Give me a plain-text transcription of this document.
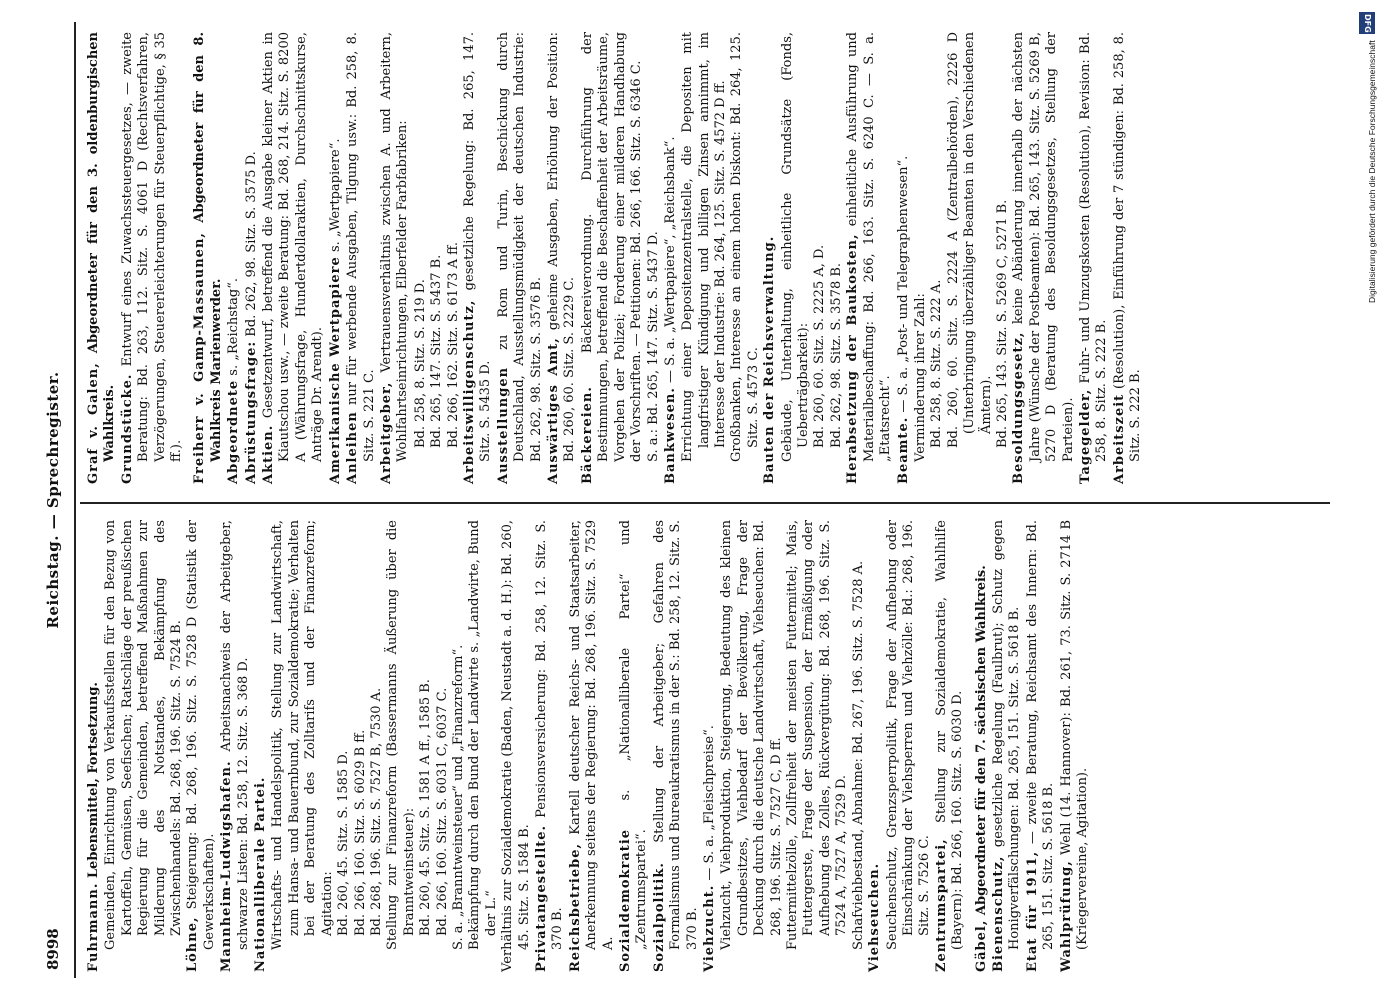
DFG
Digitalisierung gefördert durch die Deutsche Forschungsgemeinschaft
8998
Reichstag. — Sprechregister.
Fuhrmann. Lebensmittel, Fortsetzung. Gemeinden, Einrichtung von Verkaufsstellen für den Bezug von Kartoffeln, Gemüsen, Seefischen; Ratschläge der preußischen Regierung für die Gemeinden, betreffend Maßnahmen zur Milderung des Notstandes, Bekämpfung des Zwischenhandels: Bd. 268, 196. Sitz. S. 7524 B.
Löhne, Steigerung: Bd. 268, 196. Sitz. S. 7528 D (Statistik der Gewerkschaften). Mannheim-Ludwigshafen. Arbeitsnachweis der Arbeitgeber, schwarze Listen: Bd. 258, 12. Sitz. S. 368 D. Nationalliberale Partei. Wirtschafts- und Handelspolitik, Stellung zur Landwirtschaft, zum Hansa- und Bauernbund, zur Sozialdemokratie; Verhalten bei der Beratung des Zolltarifs und der Finanzreform; Agitation: Bd. 260, 45. Sitz. S. 1585 D. Bd. 266, 160. Sitz. S. 6029 B ff. Bd. 268, 196. Sitz. S. 7527 B, 7530 A. Stellung zur Finanzreform (Bassermanns Äußerung über die Branntweinsteuer): Bd. 260, 45. Sitz. S. 1581 A ff., 1585 B. Bd. 266, 160. Sitz. S. 6031 C, 6037 C. S. a. „Branntweinsteuer“ und „Finanzreform“. Bekämpfung durch den Bund der Landwirte s. „Landwirte, Bund der L.“ Verhältnis zur Sozialdemokratie (Baden, Neustadt a. d. H.): Bd. 260, 45. Sitz. S. 1584 B. Privatangestellte. Pensionsversicherung: Bd. 258, 12. Sitz. S. 370 B. Reichsbetriebe, Kartell deutscher Reichs- und Staatsarbeiter, Anerkennung seitens der Regierung: Bd. 268, 196. Sitz. S. 7529 A. Sozialdemokratie s. „Nationalliberale Partei“ und „Zentrumspartei“. Sozialpolitik. Stellung der Arbeitgeber; Gefahren des Formalismus und Bureaukratismus in der S.: Bd. 258, 12. Sitz. S. 370 B. Viehzucht. — S. a. „Fleischpreise“. Viehzucht, Viehproduktion, Steigerung, Bedeutung des kleinen Grundbesitzes, Viehbedarf der Bevölkerung, Frage der Deckung durch die deutsche Landwirtschaft, Viehseuchen: Bd. 268, 196. Sitz. S. 7527 C, D ff. Futtermittelzölle, Zollfreiheit der meisten Futtermittel; Mais, Futtergerste, Frage der Suspension, der Ermäßigung oder Aufhebung des Zolles, Rückvergütung: Bd. 268, 196. Sitz. S. 7524 A, 7527 A, 7529 D. Schafviehbestand, Abnahme: Bd. 267, 196. Sitz. S. 7528 A. Viehseuchen. Seuchenschutz, Grenzsperrpolitik, Frage der Aufhebung oder Einschränkung der Viehsperren und Viehzölle: Bd.: 268, 196. Sitz. S. 7526 C. Zentrumspartei, Stellung zur Sozialdemokratie, Wahlhilfe (Bayern): Bd. 266, 160. Sitz. S. 6030 D. Gäbel, Abgeordneter für den 7. sächsischen Wahlkreis. Bienenschutz, gesetzliche Regelung (Faulbrut); Schutz gegen Honigverfälschungen: Bd. 265, 151. Sitz. S. 5618 B. Etat für 1911, — zweite Beratung, Reichsamt des Innern: Bd. 265, 151. Sitz. S. 5618 B. Wahlprüfung, Wehl (14. Hannover): Bd. 261, 73. Sitz. S. 2714 B (Kriegervereine, Agitation).
Graf v. Galen, Abgeordneter für den 3. oldenburgischen Wahlkreis. Grundstücke. Entwurf eines Zuwachssteuergesetzes, — zweite Beratung: Bd. 263, 112. Sitz. S. 4061 D (Rechtsverfahren, Verzögerungen, Steuererleichterungen für Steuerpflichtige, § 35 ff.). Freiherr v. Gamp-Massaunen, Abgeordneter für den 8. Wahlkreis Marienwerder. Abgeordnete s. „Reichstag“.
Abrüstungsfrage: Bd. 262, 98. Sitz. S. 3575 D.
Aktien. Gesetzentwurf, betreffend die Ausgabe kleiner Aktien in Kiautschou usw., — zweite Beratung: Bd. 268, 214. Sitz. S. 8200 A (Währungsfrage, Hundertdollaraktien, Durchschnittskurse, Anträge Dr. Arendt). Amerikanische Wertpapiere s. „Wertpapiere“.
Anleihen nur für werbende Ausgaben, Tilgung usw.: Bd. 258, 8. Sitz. S. 221 C. Arbeitgeber, Vertrauensverhältnis zwischen A. und Arbeitern, Wohlfahrtseinrichtungen, Elberfelder Farbfabriken: Bd. 258, 8. Sitz. S. 219 D. Bd. 265, 147. Sitz. S. 5437 B. Bd. 266, 162. Sitz. S. 6173 A ff. Arbeitswilligenschutz, gesetzliche Regelung: Bd. 265, 147. Sitz. S. 5435 D. Ausstellungen zu Rom und Turin, Beschickung durch Deutschland, Ausstellungsmüdigkeit der deutschen Industrie: Bd. 262, 98. Sitz. S. 3576 B. Auswärtiges Amt, geheime Ausgaben, Erhöhung der Position: Bd. 260, 60. Sitz. S. 2229 C. Bäckereien. Bäckereiverordnung. Durchführung der Bestimmungen, betreffend die Beschaffenheit der Arbeitsräume, Vorgehen der Polizei; Forderung einer milderen Handhabung der Vorschriften. — Petitionen: Bd. 266, 166. Sitz. S. 6346 C. S. a.: Bd. 265, 147. Sitz. S. 5437 D. Bankwesen. — S. a. „Wertpapiere“, „Reichsbank“. Errichtung einer Depositenzentralstelle, die Depositen mit langfristiger Kündigung und billigen Zinsen annimmt, im Interesse der Industrie: Bd. 264, 125. Sitz. S. 4572 D ff. Großbanken, Interesse an einem hohen Diskont: Bd. 264, 125. Sitz. S. 4573 C. Bauten der Reichsverwaltung. Gebäude, Unterhaltung, einheitliche Grundsätze (Fonds, Ueberträgbarkeit): Bd. 260, 60. Sitz. S. 2225 A, D. Bd. 262, 98. Sitz. S. 3578 B. Herabsetzung der Baukosten, einheitliche Ausführung und Materialbeschaffung: Bd. 266, 163. Sitz. S. 6240 C. — S. a. „Etatsrecht“. Beamte. — S. a. „Post- und Telegraphenwesen“. Verminderung ihrer Zahl: Bd. 258, 8. Sitz. S. 222 A. Bd. 260, 60. Sitz. S. 2224 A (Zentralbehörden), 2226 D (Unterbringung überzähliger Beamten in den Verschiedenen Ämtern). Bd. 265, 143. Sitz. S. 5269 C, 5271 B. Besoldungsgesetz, keine Abänderung innerhalb der nächsten Jahre (Wünsche der Postbeamten): Bd. 265, 143. Sitz. S. 5269 B, 5270 D (Beratung des Besoldungsgesetzes, Stellung der Parteien). Tagegelder, Fuhr- und Umzugskosten (Resolution), Revision: Bd. 258, 8. Sitz. S. 222 B. Arbeitszeit (Resolution), Einführung der 7 stündigen: Bd. 258, 8. Sitz. S. 222 B.
